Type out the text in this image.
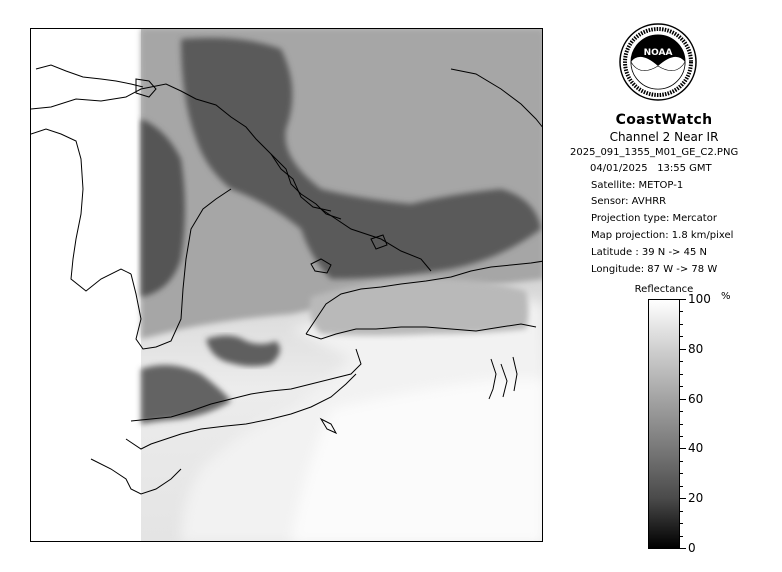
NOAA
CoastWatch
Channel 2 Near IR
2025_091_1355_M01_GE_C2.PNG
04/01/2025 13:55 GMT
Satellite: METOP-1
Sensor: AVHRR
Projection type: Mercator
Map projection: 1.8 km/pixel
Latitude : 39 N -> 45 N
Longitude: 87 W -> 78 W
Reflectance
%
100
80
60
40
20
0
